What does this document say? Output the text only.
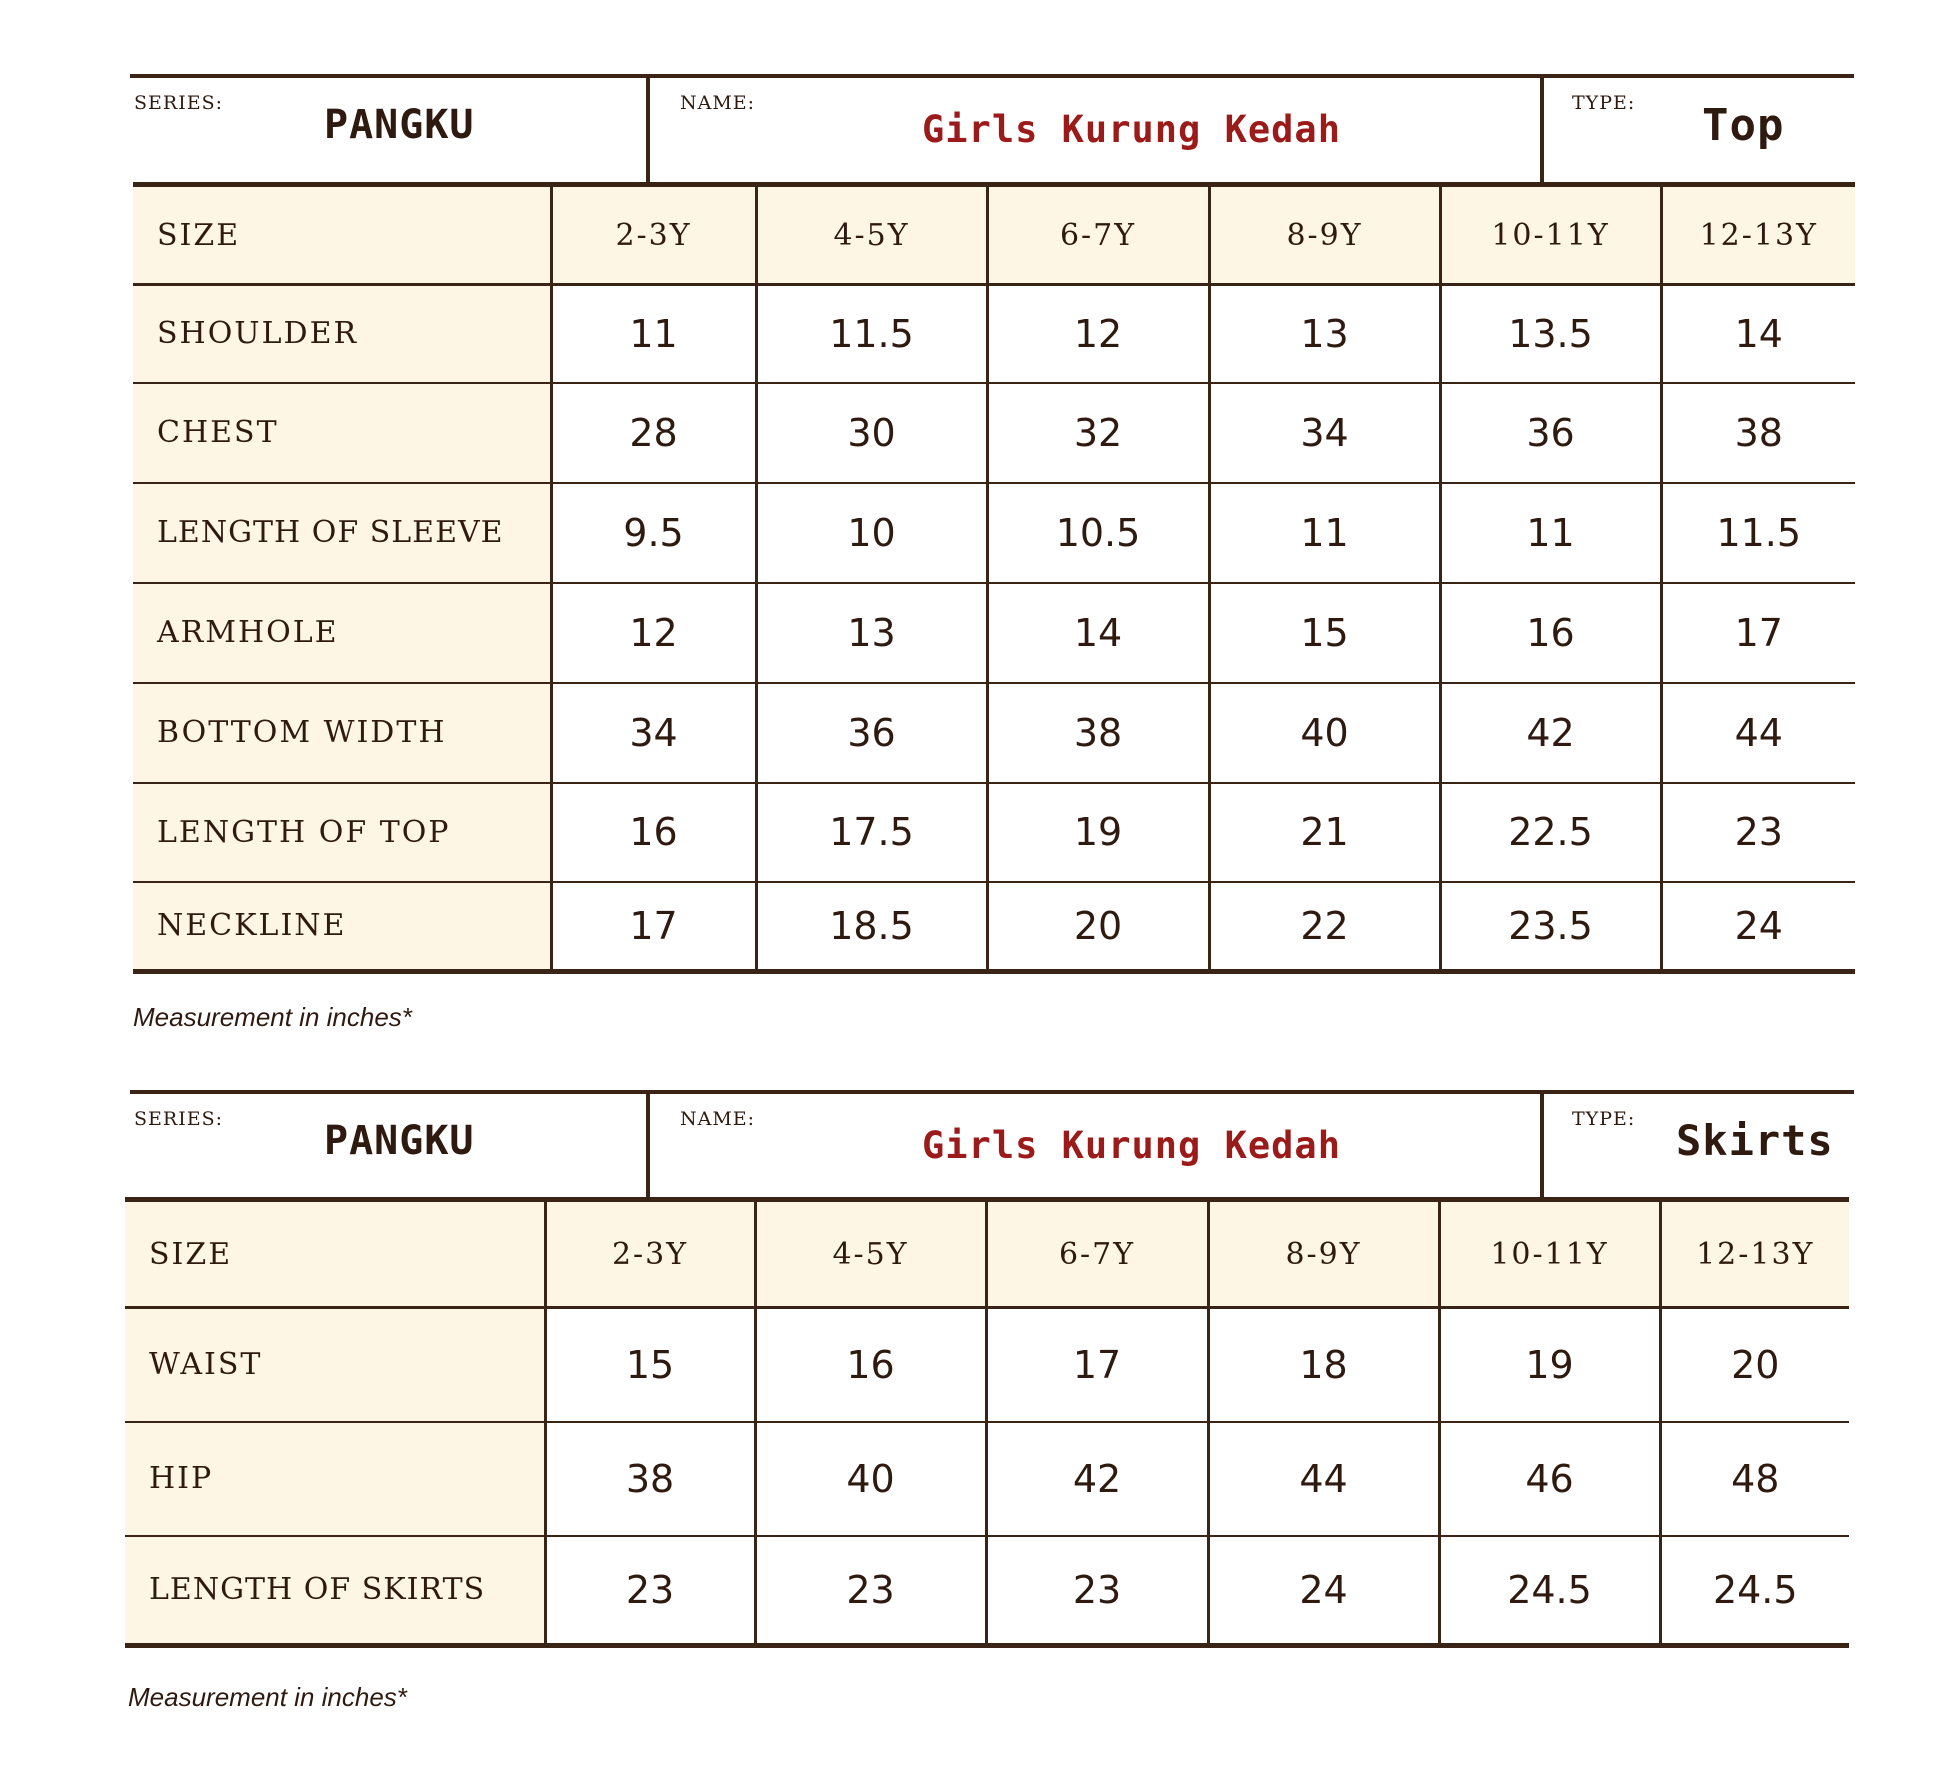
SERIES:	PANGKU	NAME:
Girls Kurung Kedah
TYPE: Top
SIZE	2-3Y	4-5Y	6-7Y	8-9Y	10-11Y	12-13Y
SHOULDER	11	11.5	12	13	13.5	14
CHEST	28	30	32	34	36	38
LENGTH OF SLEEVE	9.5	10	10.5	11	11	11.5
ARMHOLE	12	13	14	15	16	17
BOTTOM WIDTH	34	36	38	40	42	44
LENGTH OF TOP	16	17.5	19	21	22.5	23
NECKLINE	17	18.5	20	22	23.5	24
Measurement in inches*
SERIES:	PANGKU	NAME:
Girls Kurung Kedah
TYPE: Skirts
SIZE	2-3Y	4-5Y	6-7Y	8-9Y	10-11Y	12-13Y
WAIST	15	16	17	18	19	20
HIP	38	40	42	44	46	48
LENGTH OF SKIRTS	23	23	23	24	24.5	24.5
Measurement in inches*
